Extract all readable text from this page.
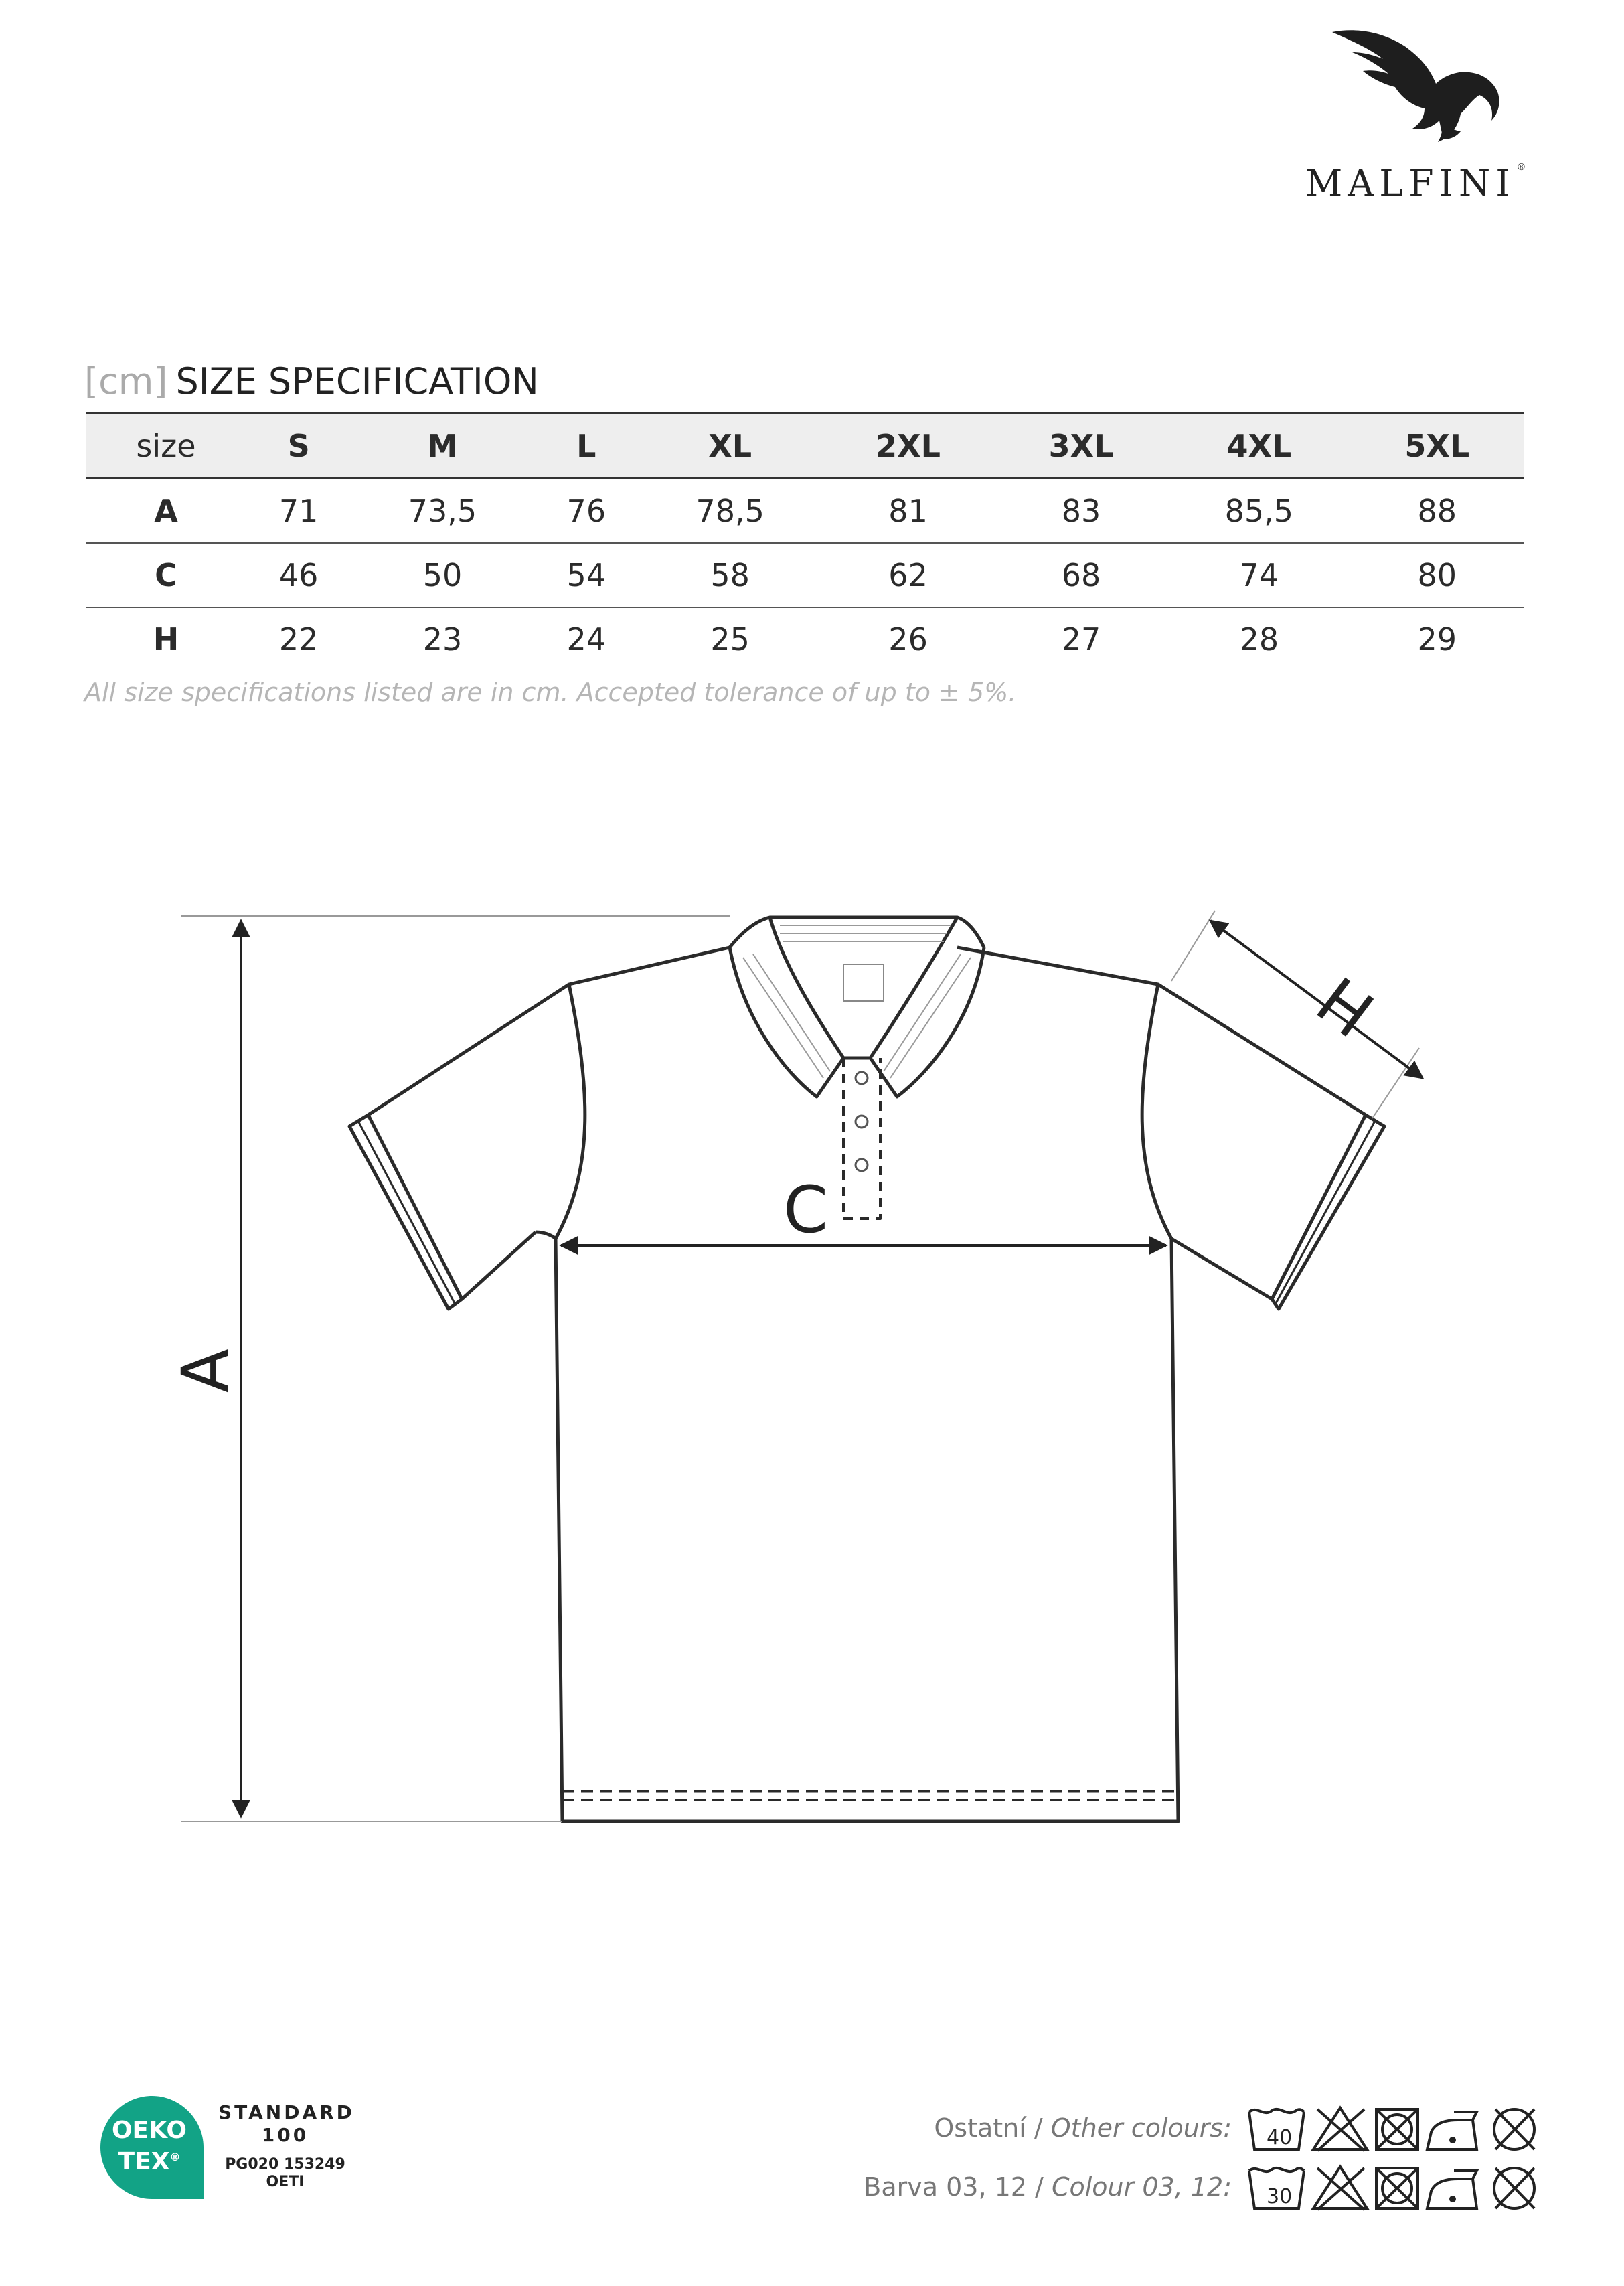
MALFINI ®
[cm] SIZE SPECIFICATION
size	S	M	L	XL	2XL	3XL	4XL	5XL
A	71	73,5	76	78,5	81	83	85,5	88
C	46	50	54	58	62	68	74	80
H	22	23	24	25	26	27	28	29
All size specifications listed are in cm. Accepted tolerance of up to ± 5%.
A
C
H
OEKO
TEX®
STANDARD
100
PG020 153249
OETI
Ostatní / Other colours:
Barva 03, 12 / Colour 03, 12:
40
30
